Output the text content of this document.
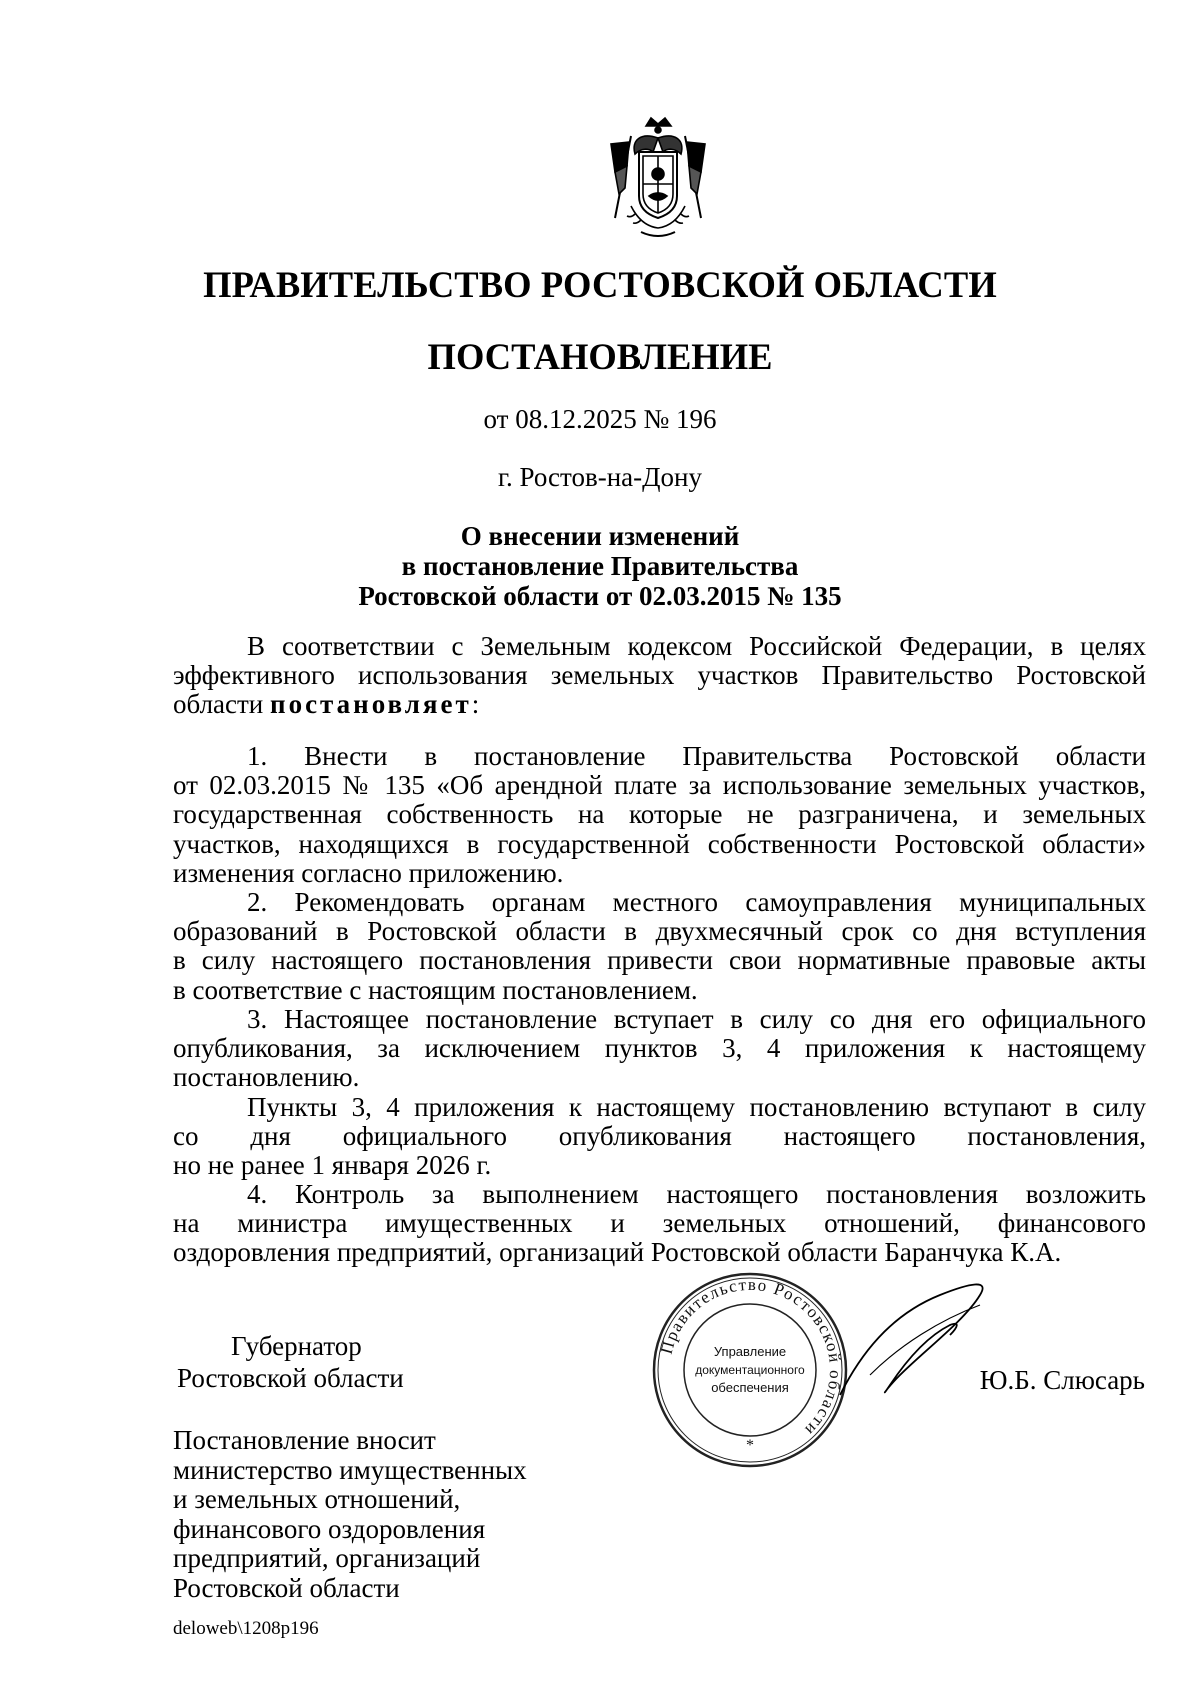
ПРАВИТЕЛЬСТВО РОСТОВСКОЙ ОБЛАСТИ
ПОСТАНОВЛЕНИЕ
от 08.12.2025 № 196
г. Ростов-на-Дону
О внесении изменений
в постановление Правительства
Ростовской области от 02.03.2015 № 135
В соответствии с Земельным кодексом Российской Федерации, в целях
эффективного использования земельных участков Правительство Ростовской
области постановляет:
1. Внести в постановление Правительства Ростовской области
от 02.03.2015 № 135 «Об арендной плате за использование земельных участков,
государственная собственность на которые не разграничена, и земельных
участков, находящихся в государственной собственности Ростовской области»
изменения согласно приложению.
2. Рекомендовать органам местного самоуправления муниципальных
образований в Ростовской области в двухмесячный срок со дня вступления
в силу настоящего постановления привести свои нормативные правовые акты
в соответствие с настоящим постановлением.
3. Настоящее постановление вступает в силу со дня его официального
опубликования, за исключением пунктов 3, 4 приложения к настоящему
постановлению.
Пункты 3, 4 приложения к настоящему постановлению вступают в силу
со дня официального опубликования настоящего постановления,
но не ранее 1 января 2026 г.
4. Контроль за выполнением настоящего постановления возложить
на министра имущественных и земельных отношений, финансового
оздоровления предприятий, организаций Ростовской области Баранчука К.А.
Губернатор
Ростовской области
Правительство Ростовской области
Управление
документационного
обеспечения
*
Ю.Б. Слюсарь
Постановление вносит
министерство имущественных
и земельных отношений,
финансового оздоровления
предприятий, организаций
Ростовской области
deloweb\1208p196
